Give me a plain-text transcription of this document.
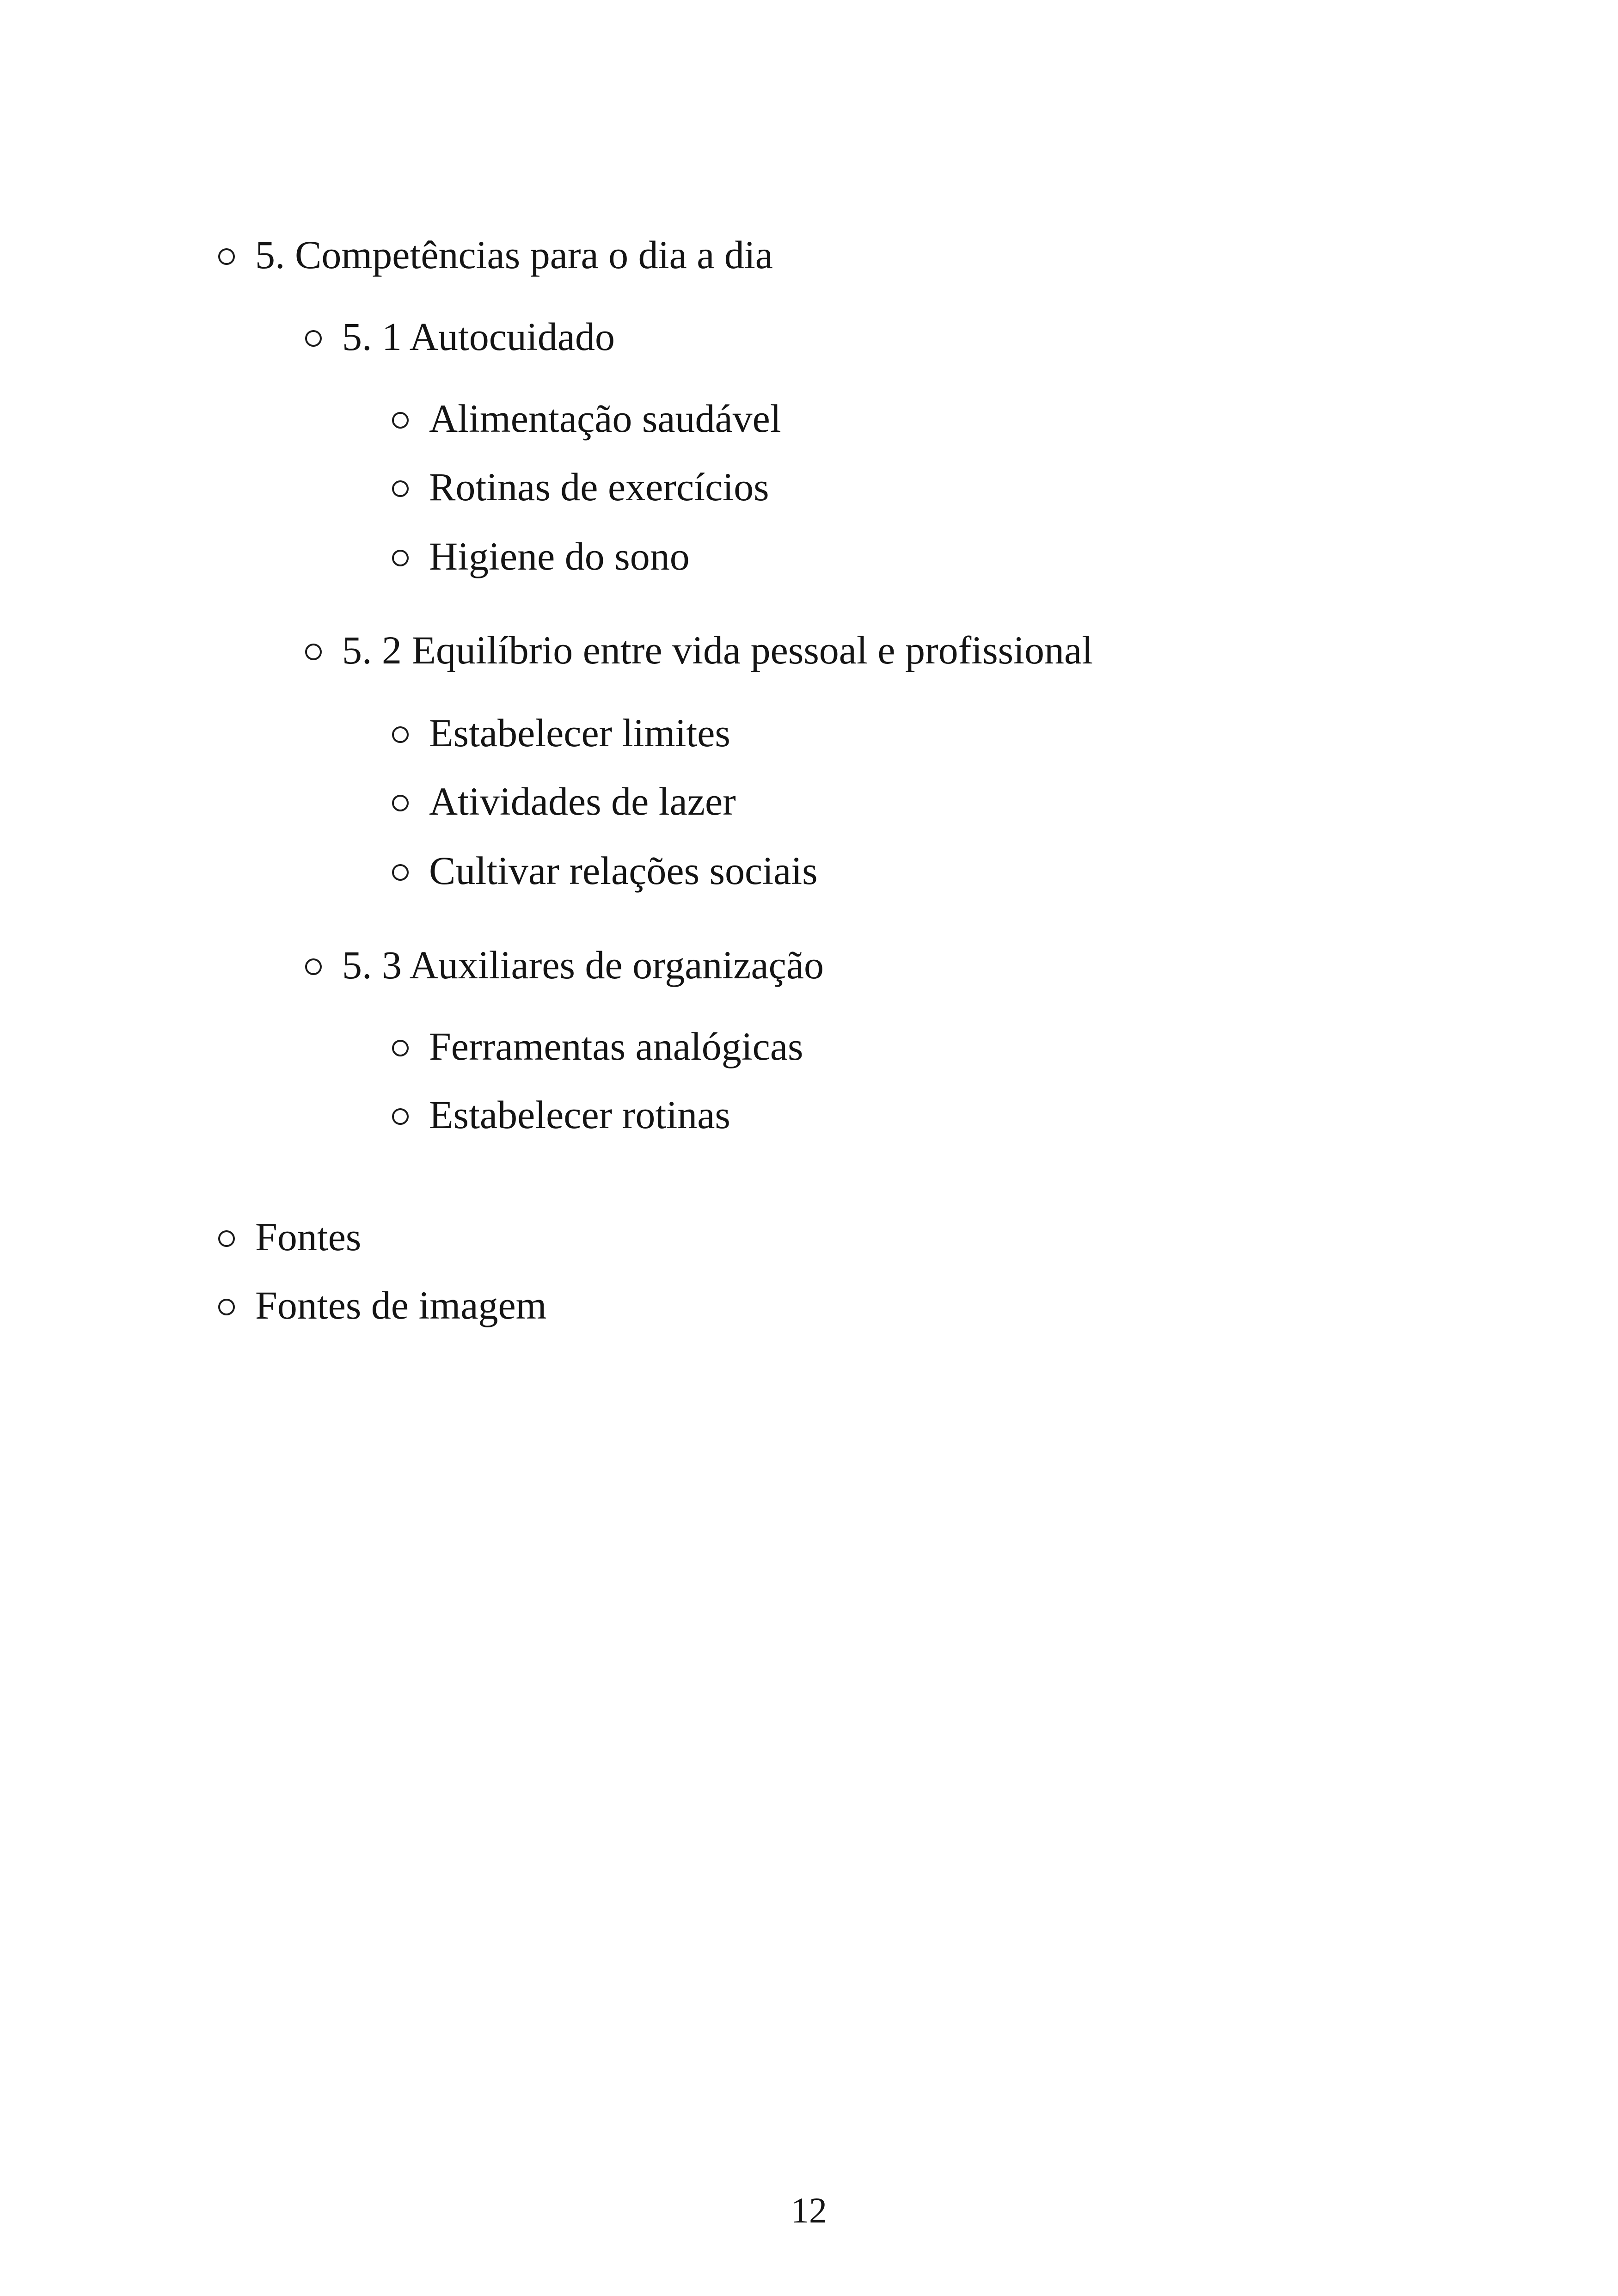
5. Competências para o dia a dia
5. 1 Autocuidado
Alimentação saudável
Rotinas de exercícios
Higiene do sono
5. 2 Equilíbrio entre vida pessoal e profissional
Estabelecer limites
Atividades de lazer
Cultivar relações sociais
5. 3 Auxiliares de organização
Ferramentas analógicas
Estabelecer rotinas
Fontes
Fontes de imagem
12
